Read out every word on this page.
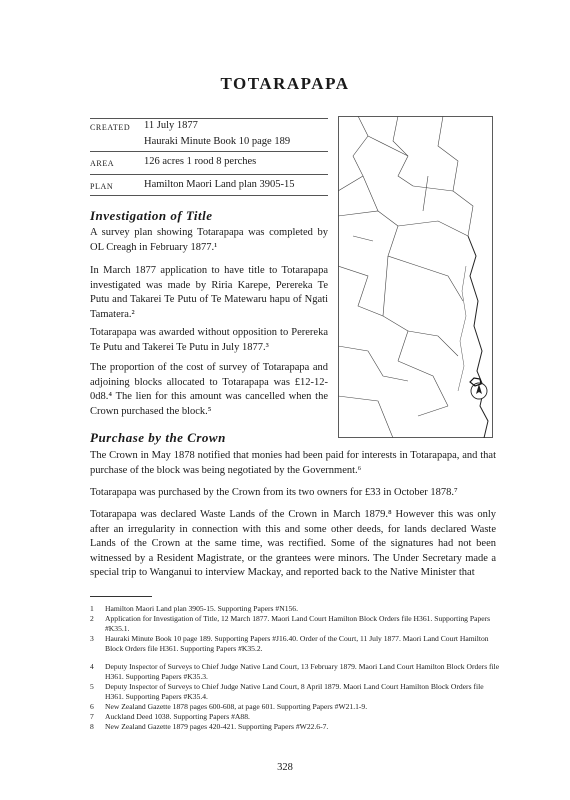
TOTARAPAPA
CREATED	11 July 1877
Hauraki Minute Book 10 page 189
AREA	126 acres 1 rood 8 perches
PLAN	Hamilton Maori Land plan 3905-15
Investigation of Title
A survey plan showing Totarapapa was completed by OL Creagh in February 1877.¹
In March 1877 application to have title to Totarapapa investigated was made by Riria Karepe, Perereka Te Putu and Takarei Te Putu of Te Matewaru hapu of Ngati Tamatera.²
Totarapapa was awarded without opposition to Perereka Te Putu and Takerei Te Putu in July 1877.³
The proportion of the cost of survey of Totarapapa and adjoining blocks allocated to Totarapapa was £12-12-0d8.⁴ The lien for this amount was cancelled when the Crown purchased the block.⁵
Purchase by the Crown
The Crown in May 1878 notified that monies had been paid for interests in Totarapapa, and that purchase of the block was being negotiated by the Government.⁶
Totarapapa was purchased by the Crown from its two owners for £33 in October 1878.⁷
Totarapapa was declared Waste Lands of the Crown in March 1879.⁸ However this was only after an irregularity in connection with this and some other deeds, for lands declared Waste Lands of the Crown at the same time, was rectified. Some of the signatures had not been witnessed by a Resident Magistrate, or the grantees were minors. The Under Secretary made a special trip to Wanganui to interview Mackay, and reported back to the Native Minister that
1	Hamilton Maori Land plan 3905-15. Supporting Papers #N156.
2	Application for Investigation of Title, 12 March 1877. Maori Land Court Hamilton Block Orders file H361. Supporting Papers #K35.1.
3	Hauraki Minute Book 10 page 189. Supporting Papers #J16.40. Order of the Court, 11 July 1877. Maori Land Court Hamilton Block Orders file H361. Supporting Papers #K35.2.
4	Deputy Inspector of Surveys to Chief Judge Native Land Court, 13 February 1879. Maori Land Court Hamilton Block Orders file H361. Supporting Papers #K35.3.
5	Deputy Inspector of Surveys to Chief Judge Native Land Court, 8 April 1879. Maori Land Court Hamilton Block Orders file H361. Supporting Papers #K35.4.
6	New Zealand Gazette 1878 pages 600-608, at page 601. Supporting Papers #W21.1-9.
7	Auckland Deed 1038. Supporting Papers #A88.
8	New Zealand Gazette 1879 pages 420-421. Supporting Papers #W22.6-7.
328
